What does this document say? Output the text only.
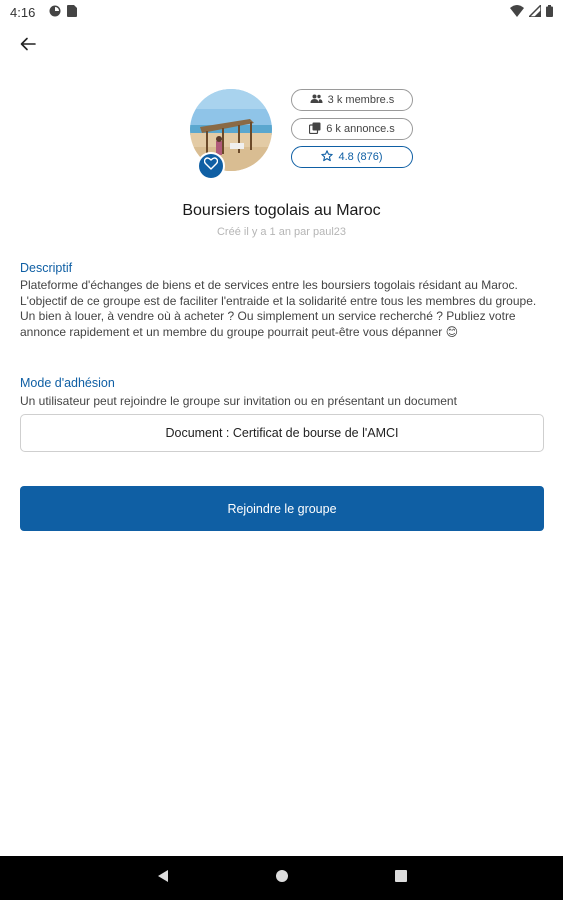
4:16
3 k membre.s
6 k annonce.s
4.8 (876)
Boursiers togolais au Maroc
Créé il y a 1 an par paul23
Descriptif
Plateforme d'échanges de biens et de services entre les boursiers togolais résidant au Maroc. L'objectif de ce groupe est de faciliter l'entraide et la solidarité entre tous les membres du groupe. Un bien à louer, à vendre où à acheter ? Ou simplement un service recherché ? Publiez votre annonce rapidement et un membre du groupe pourrait peut-être vous dépanner 😊
Mode d'adhésion
Un utilisateur peut rejoindre le groupe sur invitation ou en présentant un document
Document : Certificat de bourse de l'AMCI
Rejoindre le groupe
